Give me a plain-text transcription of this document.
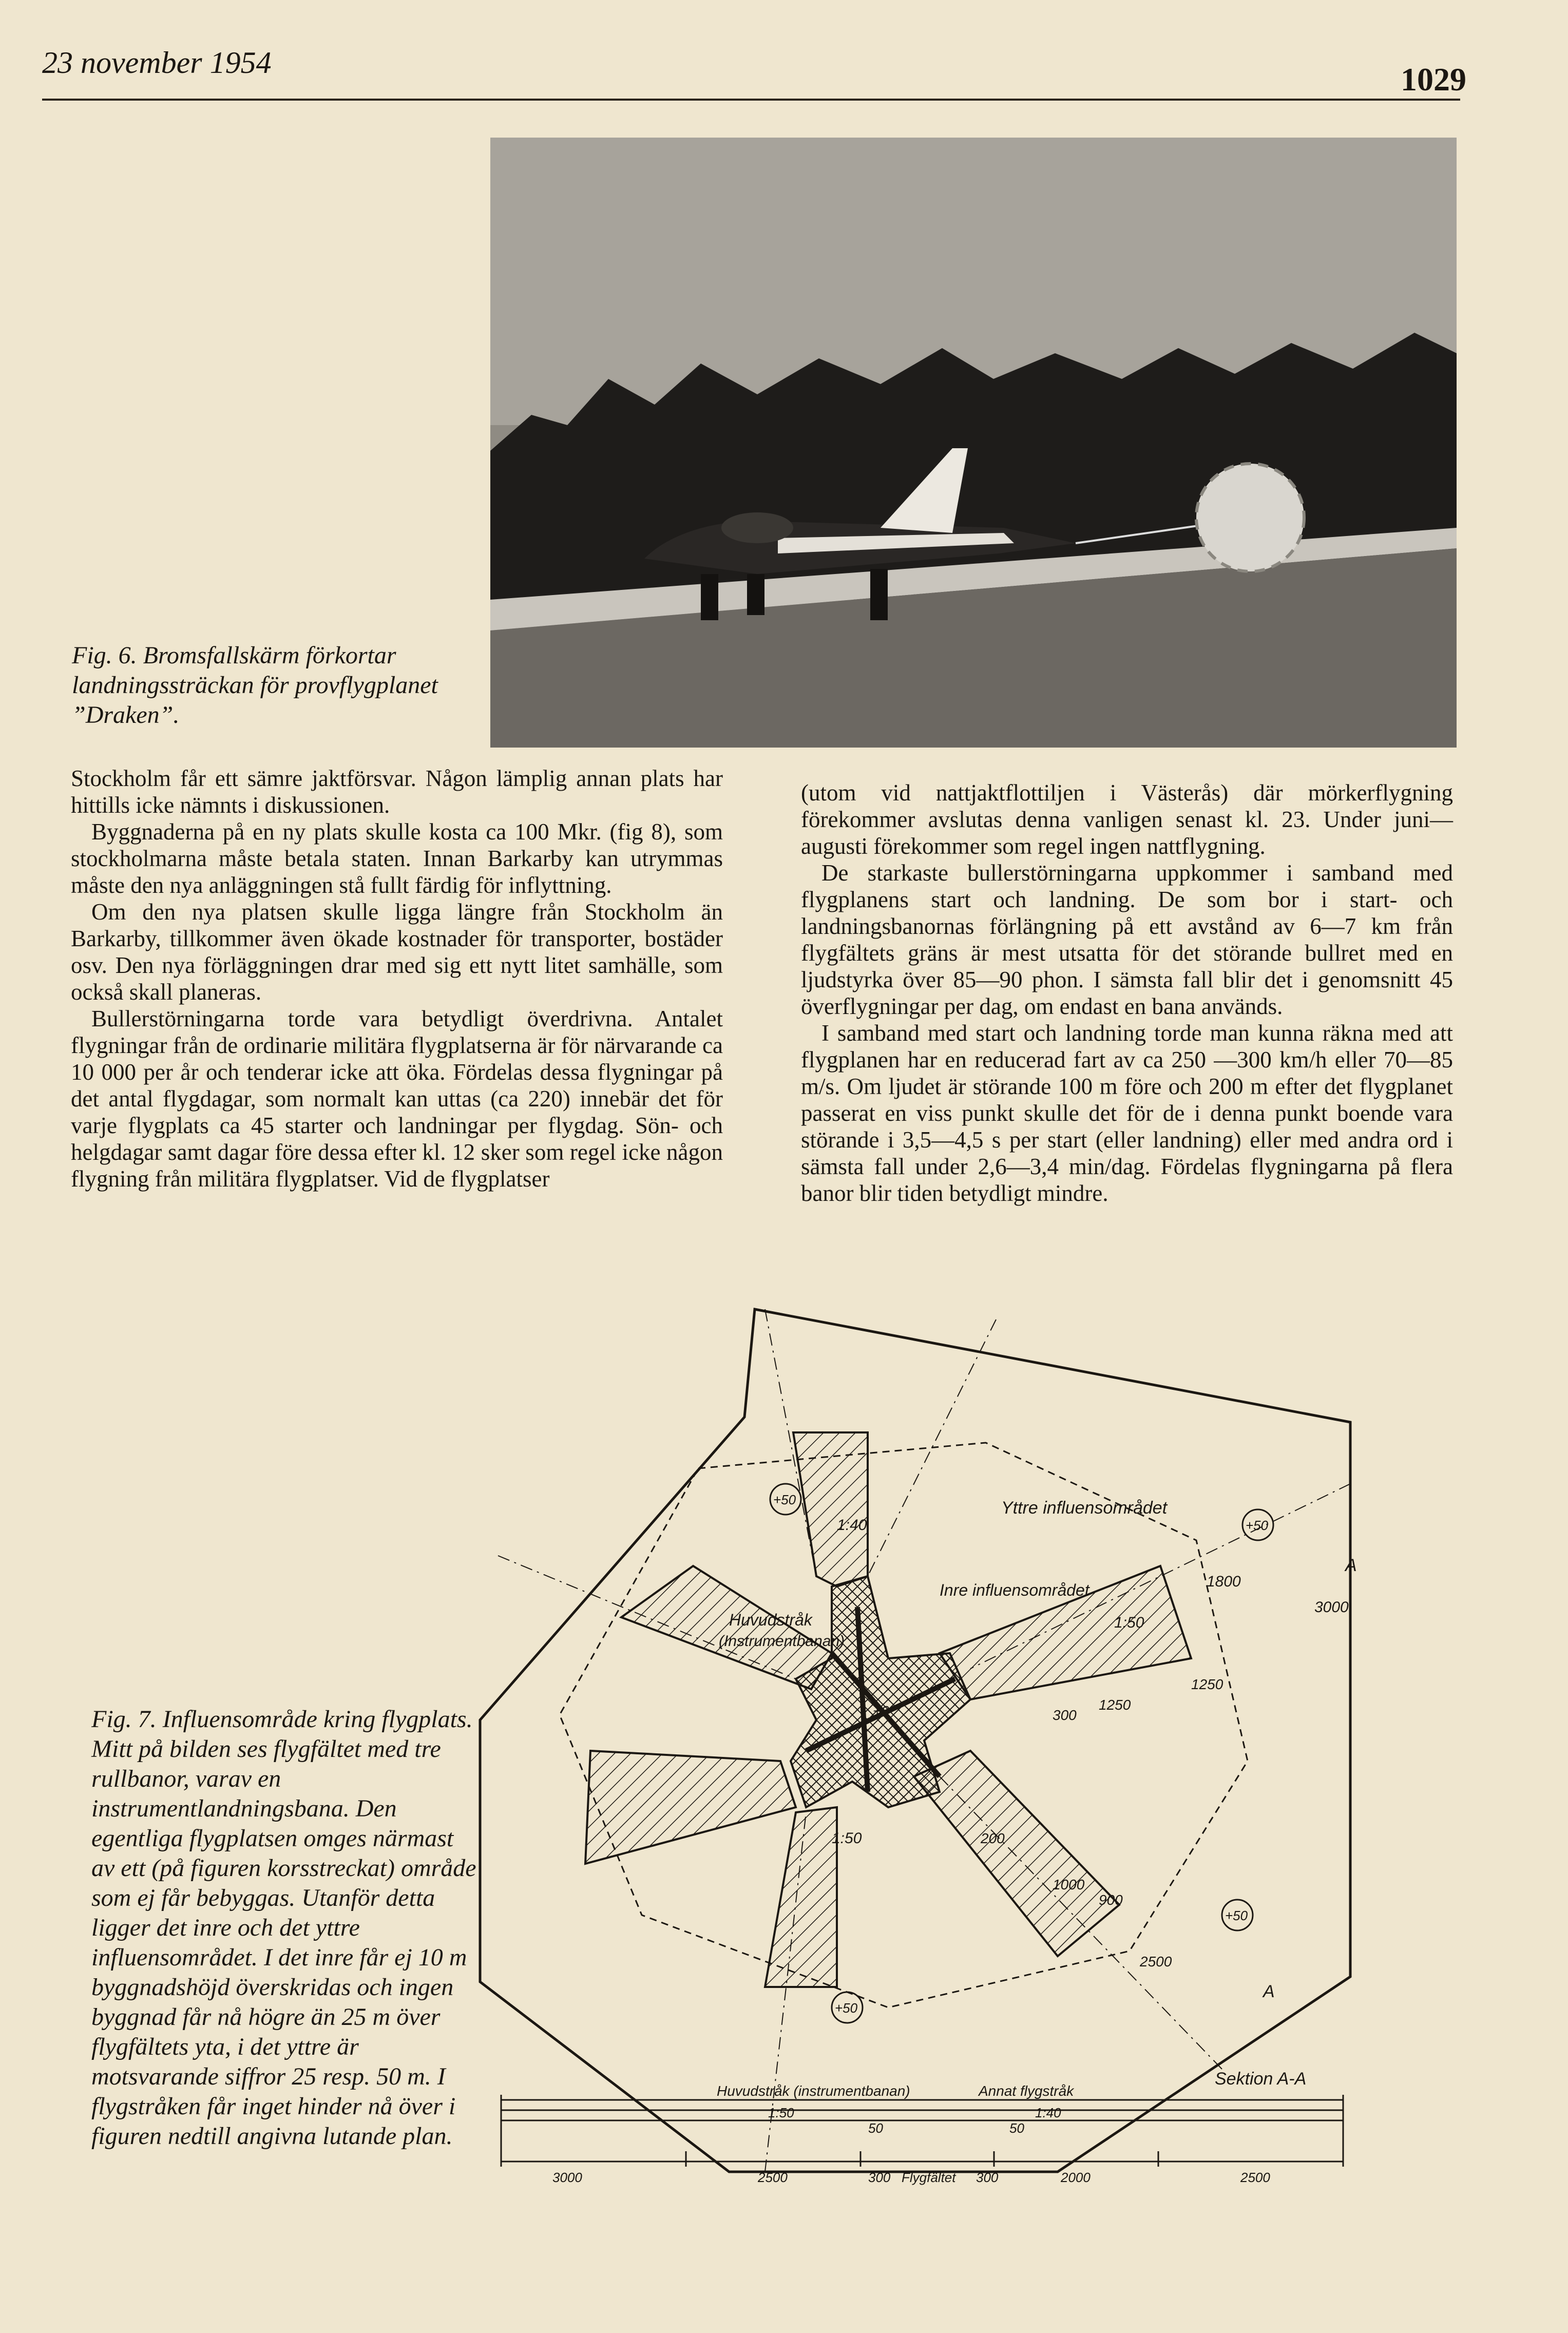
23 november 1954	1029
Fig. 6. Bromsfallskärm förkortar landningssträckan för provflygplanet ”Draken”.

Stockholm får ett sämre jaktförsvar. Någon lämplig annan plats har hittills icke nämnts i diskussionen.

Byggnaderna på en ny plats skulle kosta ca 100 Mkr. (fig 8), som stockholmarna måste betala staten. Innan Barkarby kan utrymmas måste den nya anläggningen stå fullt färdig för inflyttning.

Om den nya platsen skulle ligga längre från Stockholm än Barkarby, tillkommer även ökade kostnader för transporter, bostäder osv. Den nya förläggningen drar med sig ett nytt litet samhälle, som också skall planeras.

Bullerstörningarna torde vara betydligt överdrivna. Antalet flygningar från de ordinarie militära flygplatserna är för närvarande ca 10 000 per år och tenderar icke att öka. Fördelas dessa flygningar på det antal flygdagar, som normalt kan uttas (ca 220) innebär det för varje flygplats ca 45 starter och landningar per flygdag. Sön- och helgdagar samt dagar före dessa efter kl. 12 sker som regel icke någon flygning från militära flygplatser. Vid de flygplatser

(utom vid nattjaktflottiljen i Västerås) där mörkerflygning förekommer avslutas denna vanligen senast kl. 23. Under juni—augusti förekommer som regel ingen nattflygning.

De starkaste bullerstörningarna uppkommer i samband med flygplanens start och landning. De som bor i start- och landningsbanornas förlängning på ett avstånd av 6—7 km från flygfältets gräns är mest utsatta för det störande bullret med en ljudstyrka över 85—90 phon. I sämsta fall blir det i genomsnitt 45 överflygningar per dag, om endast en bana används.

I samband med start och landning torde man kunna räkna med att flygplanen har en reducerad fart av ca 250 —300 km/h eller 70—85 m/s. Om ljudet är störande 100 m före och 200 m efter det flygplanet passerat en viss punkt skulle det för de i denna punkt boende vara störande i 3,5—4,5 s per start (eller landning) eller med andra ord i sämsta fall under 2,6—3,4 min/dag. Fördelas flygningarna på flera banor blir tiden betydligt mindre.

Yttre influensområdet
Inre influensområdet
Huvudstråk
(Instrumentbanan)
+50
+50
+50
+50
+0
1:40
1:50
1:50
1800
3000
1250
300
1250
200
1000
900
2500
A
A
Fig. 7. Influensområde kring flygplats. Mitt på bilden ses flygfältet med tre rullbanor, varav en instrumentlandningsbana. Den egentliga flygplatsen omges närmast av ett (på figuren korsstreckat) område som ej får bebyggas. Utanför detta ligger det inre och det yttre influensområdet. I det inre får ej 10 m byggnadshöjd överskridas och ingen byggnad får nå högre än 25 m över flygfältets yta, i det yttre är motsvarande siffror 25 resp. 50 m. I flygstråken får inget hinder nå över i figuren nedtill angivna lutande plan.
Sektion A-A
Huvudstråk (instrumentbanan)	Annat flygstråk
1:50	1:40
50	50
3000	2500	300 Flygfältet 300	2000	2500
